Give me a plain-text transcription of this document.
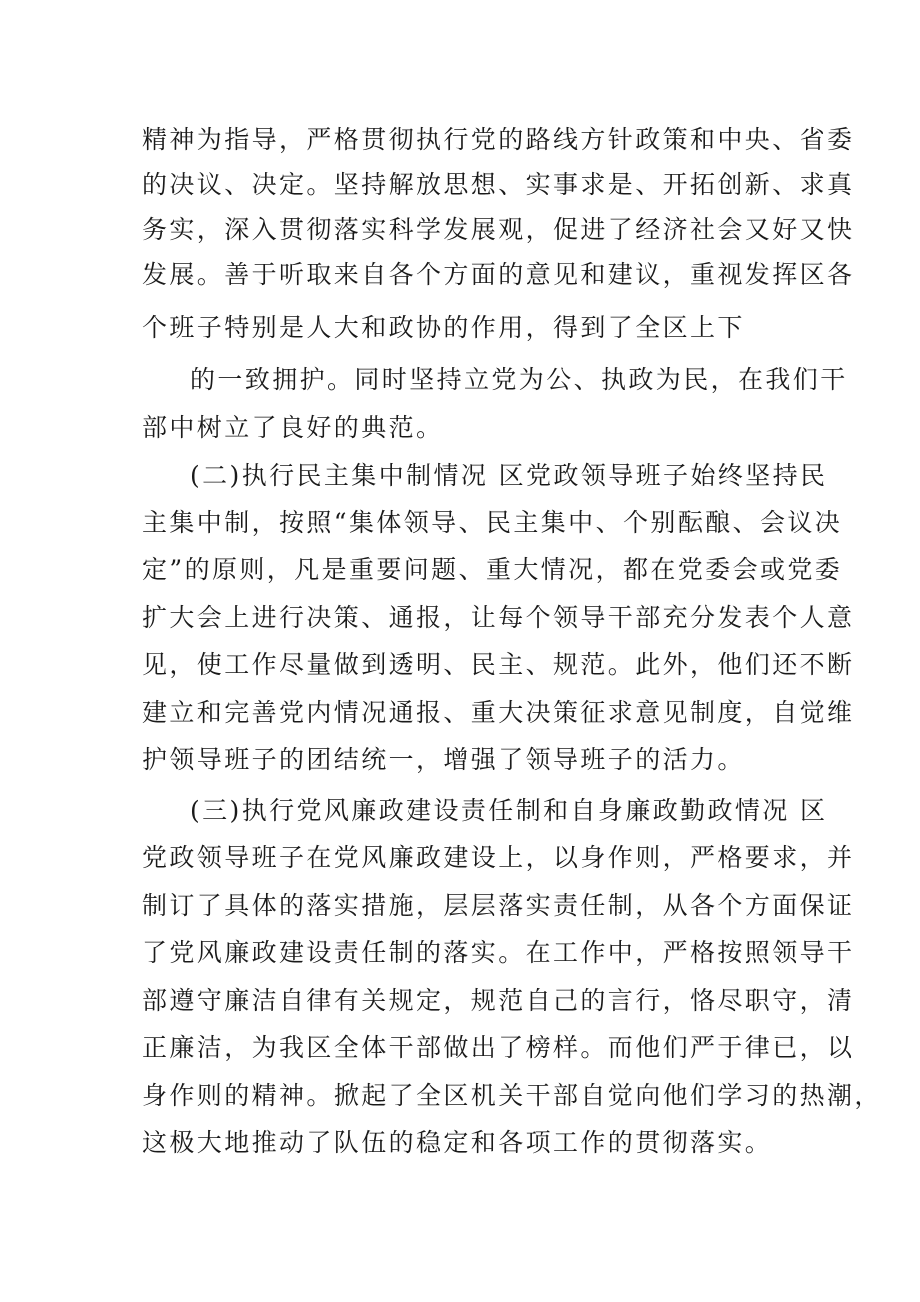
精神为指导，严格贯彻执行党的路线方针政策和中央、省委

的决议、决定。坚持解放思想、实事求是、开拓创新、求真

务实，深入贯彻落实科学发展观，促进了经济社会又好又快

发展。善于听取来自各个方面的意见和建议，重视发挥区各

个班子特别是人大和政协的作用，得到了全区上下

的一致拥护。同时坚持立党为公、执政为民，在我们干

部中树立了良好的典范。

(二)执行民主集中制情况 区党政领导班子始终坚持民

主集中制，按照“集体领导、民主集中、个别酝酿、会议决

定”的原则，凡是重要问题、重大情况，都在党委会或党委

扩大会上进行决策、通报，让每个领导干部充分发表个人意

见，使工作尽量做到透明、民主、规范。此外，他们还不断

建立和完善党内情况通报、重大决策征求意见制度，自觉维

护领导班子的团结统一，增强了领导班子的活力。

(三)执行党风廉政建设责任制和自身廉政勤政情况 区

党政领导班子在党风廉政建设上，以身作则，严格要求，并

制订了具体的落实措施，层层落实责任制，从各个方面保证

了党风廉政建设责任制的落实。在工作中，严格按照领导干

部遵守廉洁自律有关规定，规范自己的言行，恪尽职守，清

正廉洁，为我区全体干部做出了榜样。而他们严于律已，以

身作则的精神。掀起了全区机关干部自觉向他们学习的热潮，

这极大地推动了队伍的稳定和各项工作的贯彻落实。
